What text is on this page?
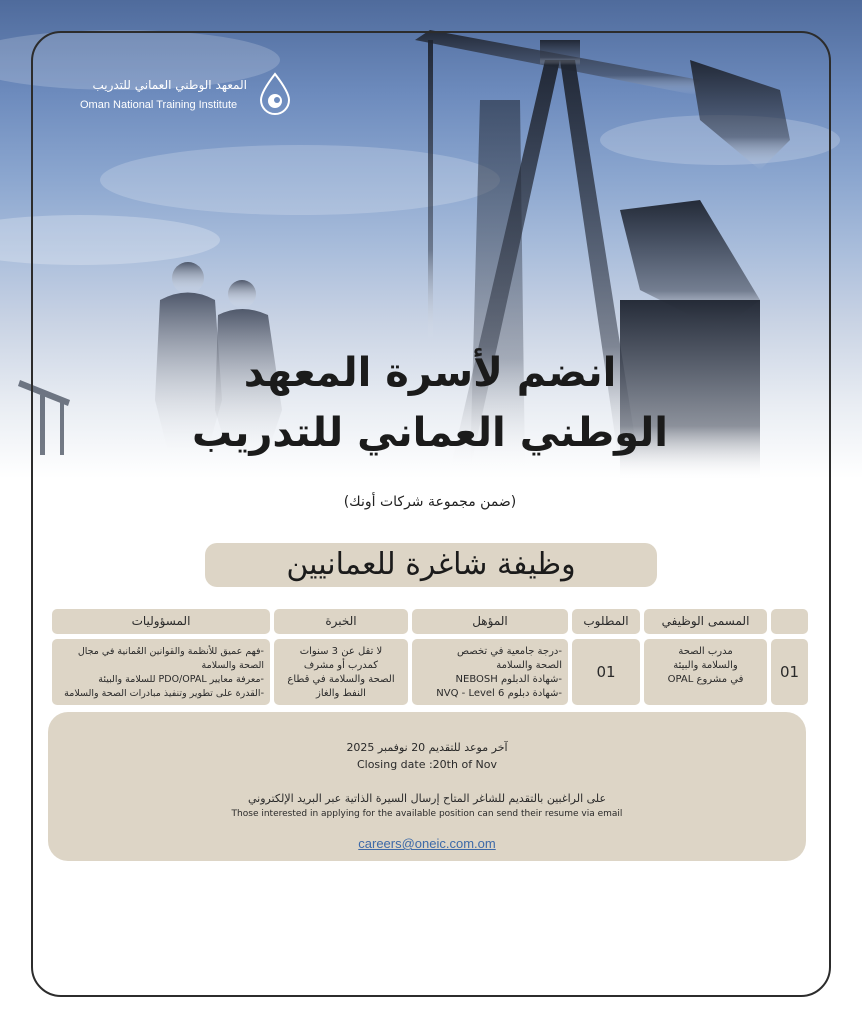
المعهد الوطني العماني للتدريب
Oman National Training Institute
انضم لأسرة المعهد
الوطني العماني للتدريب
(ضمن مجموعة شركات أونك)
وظيفة شاغرة للعمانيين
المسمى الوظيفي
المطلوب
المؤهل
الخبرة
المسؤوليات
01
مدرب الصحة
والسلامة والبيئة
في مشروع OPAL
01
-درجة جامعية في تخصص
الصحة والسلامة
-شهادة الدبلوم NEBOSH
-شهادة دبلوم NVQ - Level 6
لا تقل عن 3 سنوات
كمدرب أو مشرف
الصحة والسلامة في قطاع
النفط والغاز
-فهم عميق للأنظمة والقوانين العُمانية في مجال
الصحة والسلامة
-معرفة معايير PDO/OPAL للسلامة والبيئة
-القدرة على تطوير وتنفيذ مبادرات الصحة والسلامة
آخر موعد للتقديم 20 نوفمبر 2025
Closing date :20th of Nov
على الراغبين بالتقديم للشاغر المتاح إرسال السيرة الذاتية عبر البريد الإلكتروني
Those interested in applying for the available position can send their resume via email
careers@oneic.com.om
